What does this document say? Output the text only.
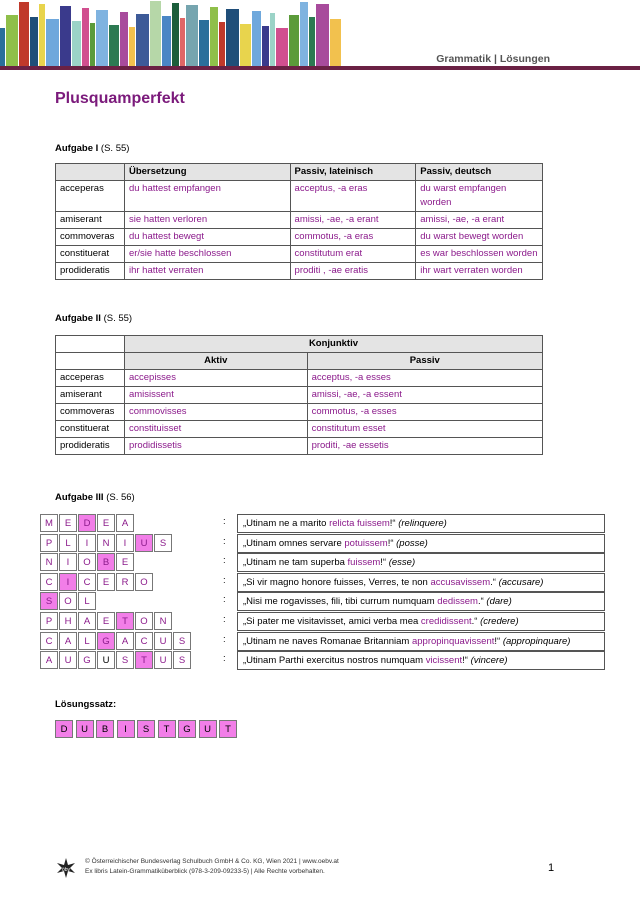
Grammatik | Lösungen
Plusquamperfekt
Aufgabe I (S. 55)
	Übersetzung	Passiv, lateinisch	Passiv, deutsch
acceperas	du hattest empfangen	acceptus, -a eras	du warst empfangen worden
amiserant	sie hatten verloren	amissi, -ae, -a erant	amissi, -ae, -a erant
commoveras	du hattest bewegt	commotus, -a eras	du warst bewegt worden
constituerat	er/sie hatte beschlossen	constitutum erat	es war beschlossen worden
prodideratis	ihr hattet verraten	proditi , -ae eratis	ihr wart verraten worden
Aufgabe II (S. 55)
	Konjunktiv	
	Aktiv	Passiv
acceperas	accepisses	acceptus, -a esses
amiserant	amisissent	amissi, -ae, -a essent
commoveras	commovisses	commotus, -a esses
constituerat	constituisset	constitutum esset
prodideratis	prodidissetis	proditi, -ae essetis
Aufgabe III (S. 56)
M	E	D	E	A	:	„Utinam ne a marito relicta fuissem!“ (relinquere)
P	L	I	N	I	U	S	:	„Utinam omnes servare potuissem!“ (posse)
N	I	O	B	E	:	„Utinam ne tam superba fuissem!“ (esse)
C	I	C	E	R	O	:	„Si vir magno honore fuisses, Verres, te non accusavissem.“ (accusare)
S	O	L	:	„Nisi me rogavisses, fili, tibi currum numquam dedissem.“ (dare)
P	H	A	E	T	O	N	:	„Si pater me visitavisset, amici verba mea credidissent.“ (credere)
C	A	L	G	A	C	U	S	:	„Utinam ne naves Romanae Britanniam appropinquavissent!“ (appropinquare)
A	U	G	U	S	T	U	S	:	„Utinam Parthi exercitus nostros numquam vicissent!“ (vincere)
Lösungssatz:
D	U	B	I	S	T	G	U	T
öbv
© Österreichischer Bundesverlag Schulbuch GmbH & Co. KG, Wien 2021 | www.oebv.at
Ex libris Latein-Grammatiküberblick (978-3-209-09233-5) | Alle Rechte vorbehalten.	1
